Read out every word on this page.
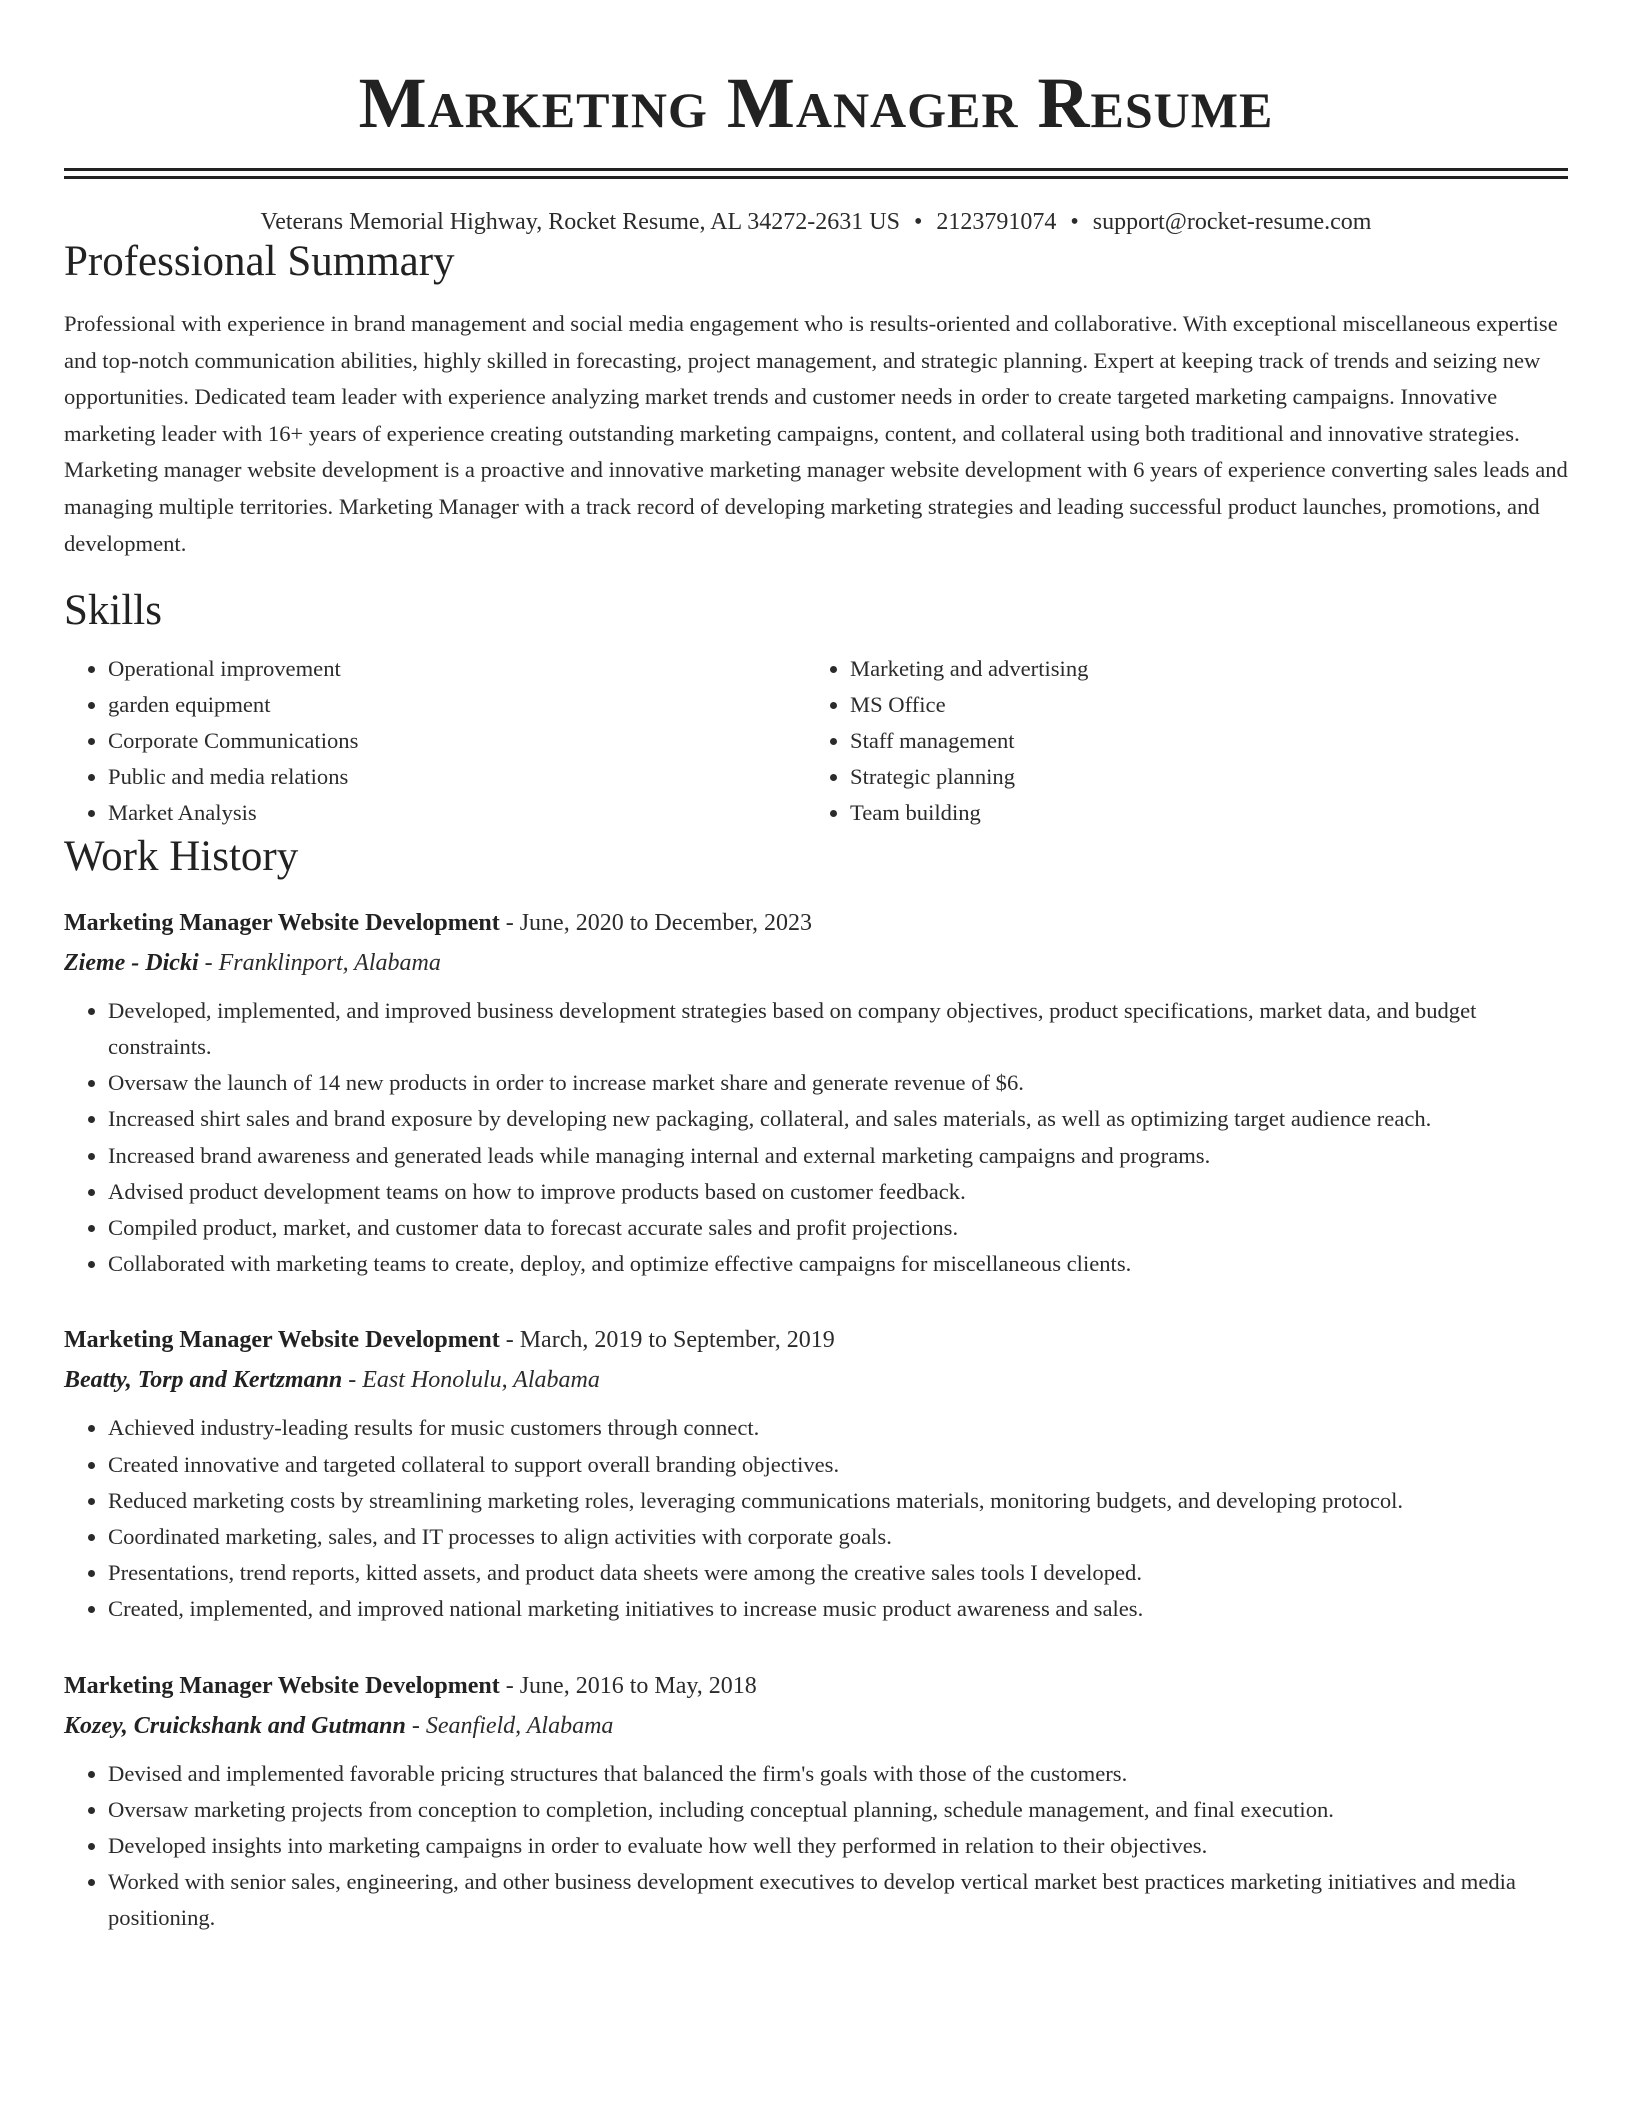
Marketing Manager Resume
Veterans Memorial Highway, Rocket Resume, AL 34272-2631 US • 2123791074 • support@rocket-resume.com
Professional Summary

Professional with experience in brand management and social media engagement who is results-oriented and collaborative. With exceptional miscellaneous expertise and top-notch communication abilities, highly skilled in forecasting, project management, and strategic planning. Expert at keeping track of trends and seizing new opportunities. Dedicated team leader with experience analyzing market trends and customer needs in order to create targeted marketing campaigns. Innovative marketing leader with 16+ years of experience creating outstanding marketing campaigns, content, and collateral using both traditional and innovative strategies. Marketing manager website development is a proactive and innovative marketing manager website development with 6 years of experience converting sales leads and managing multiple territories. Marketing Manager with a track record of developing marketing strategies and leading successful product launches, promotions, and development.

Skills
• Operational improvement
• garden equipment
• Corporate Communications
• Public and media relations
• Market Analysis
• Marketing and advertising
• MS Office
• Staff management
• Strategic planning
• Team building
Work History
Marketing Manager Website Development - June, 2020 to December, 2023
Zieme - Dicki - Franklinport, Alabama
• Developed, implemented, and improved business development strategies based on company objectives, product specifications, market data, and budget constraints.
• Oversaw the launch of 14 new products in order to increase market share and generate revenue of $6.
• Increased shirt sales and brand exposure by developing new packaging, collateral, and sales materials, as well as optimizing target audience reach.
• Increased brand awareness and generated leads while managing internal and external marketing campaigns and programs.
• Advised product development teams on how to improve products based on customer feedback.
• Compiled product, market, and customer data to forecast accurate sales and profit projections.
• Collaborated with marketing teams to create, deploy, and optimize effective campaigns for miscellaneous clients.
Marketing Manager Website Development - March, 2019 to September, 2019
Beatty, Torp and Kertzmann - East Honolulu, Alabama
• Achieved industry-leading results for music customers through connect.
• Created innovative and targeted collateral to support overall branding objectives.
• Reduced marketing costs by streamlining marketing roles, leveraging communications materials, monitoring budgets, and developing protocol.
• Coordinated marketing, sales, and IT processes to align activities with corporate goals.
• Presentations, trend reports, kitted assets, and product data sheets were among the creative sales tools I developed.
• Created, implemented, and improved national marketing initiatives to increase music product awareness and sales.
Marketing Manager Website Development - June, 2016 to May, 2018
Kozey, Cruickshank and Gutmann - Seanfield, Alabama
• Devised and implemented favorable pricing structures that balanced the firm's goals with those of the customers.
• Oversaw marketing projects from conception to completion, including conceptual planning, schedule management, and final execution.
• Developed insights into marketing campaigns in order to evaluate how well they performed in relation to their objectives.
• Worked with senior sales, engineering, and other business development executives to develop vertical market best practices marketing initiatives and media positioning.
